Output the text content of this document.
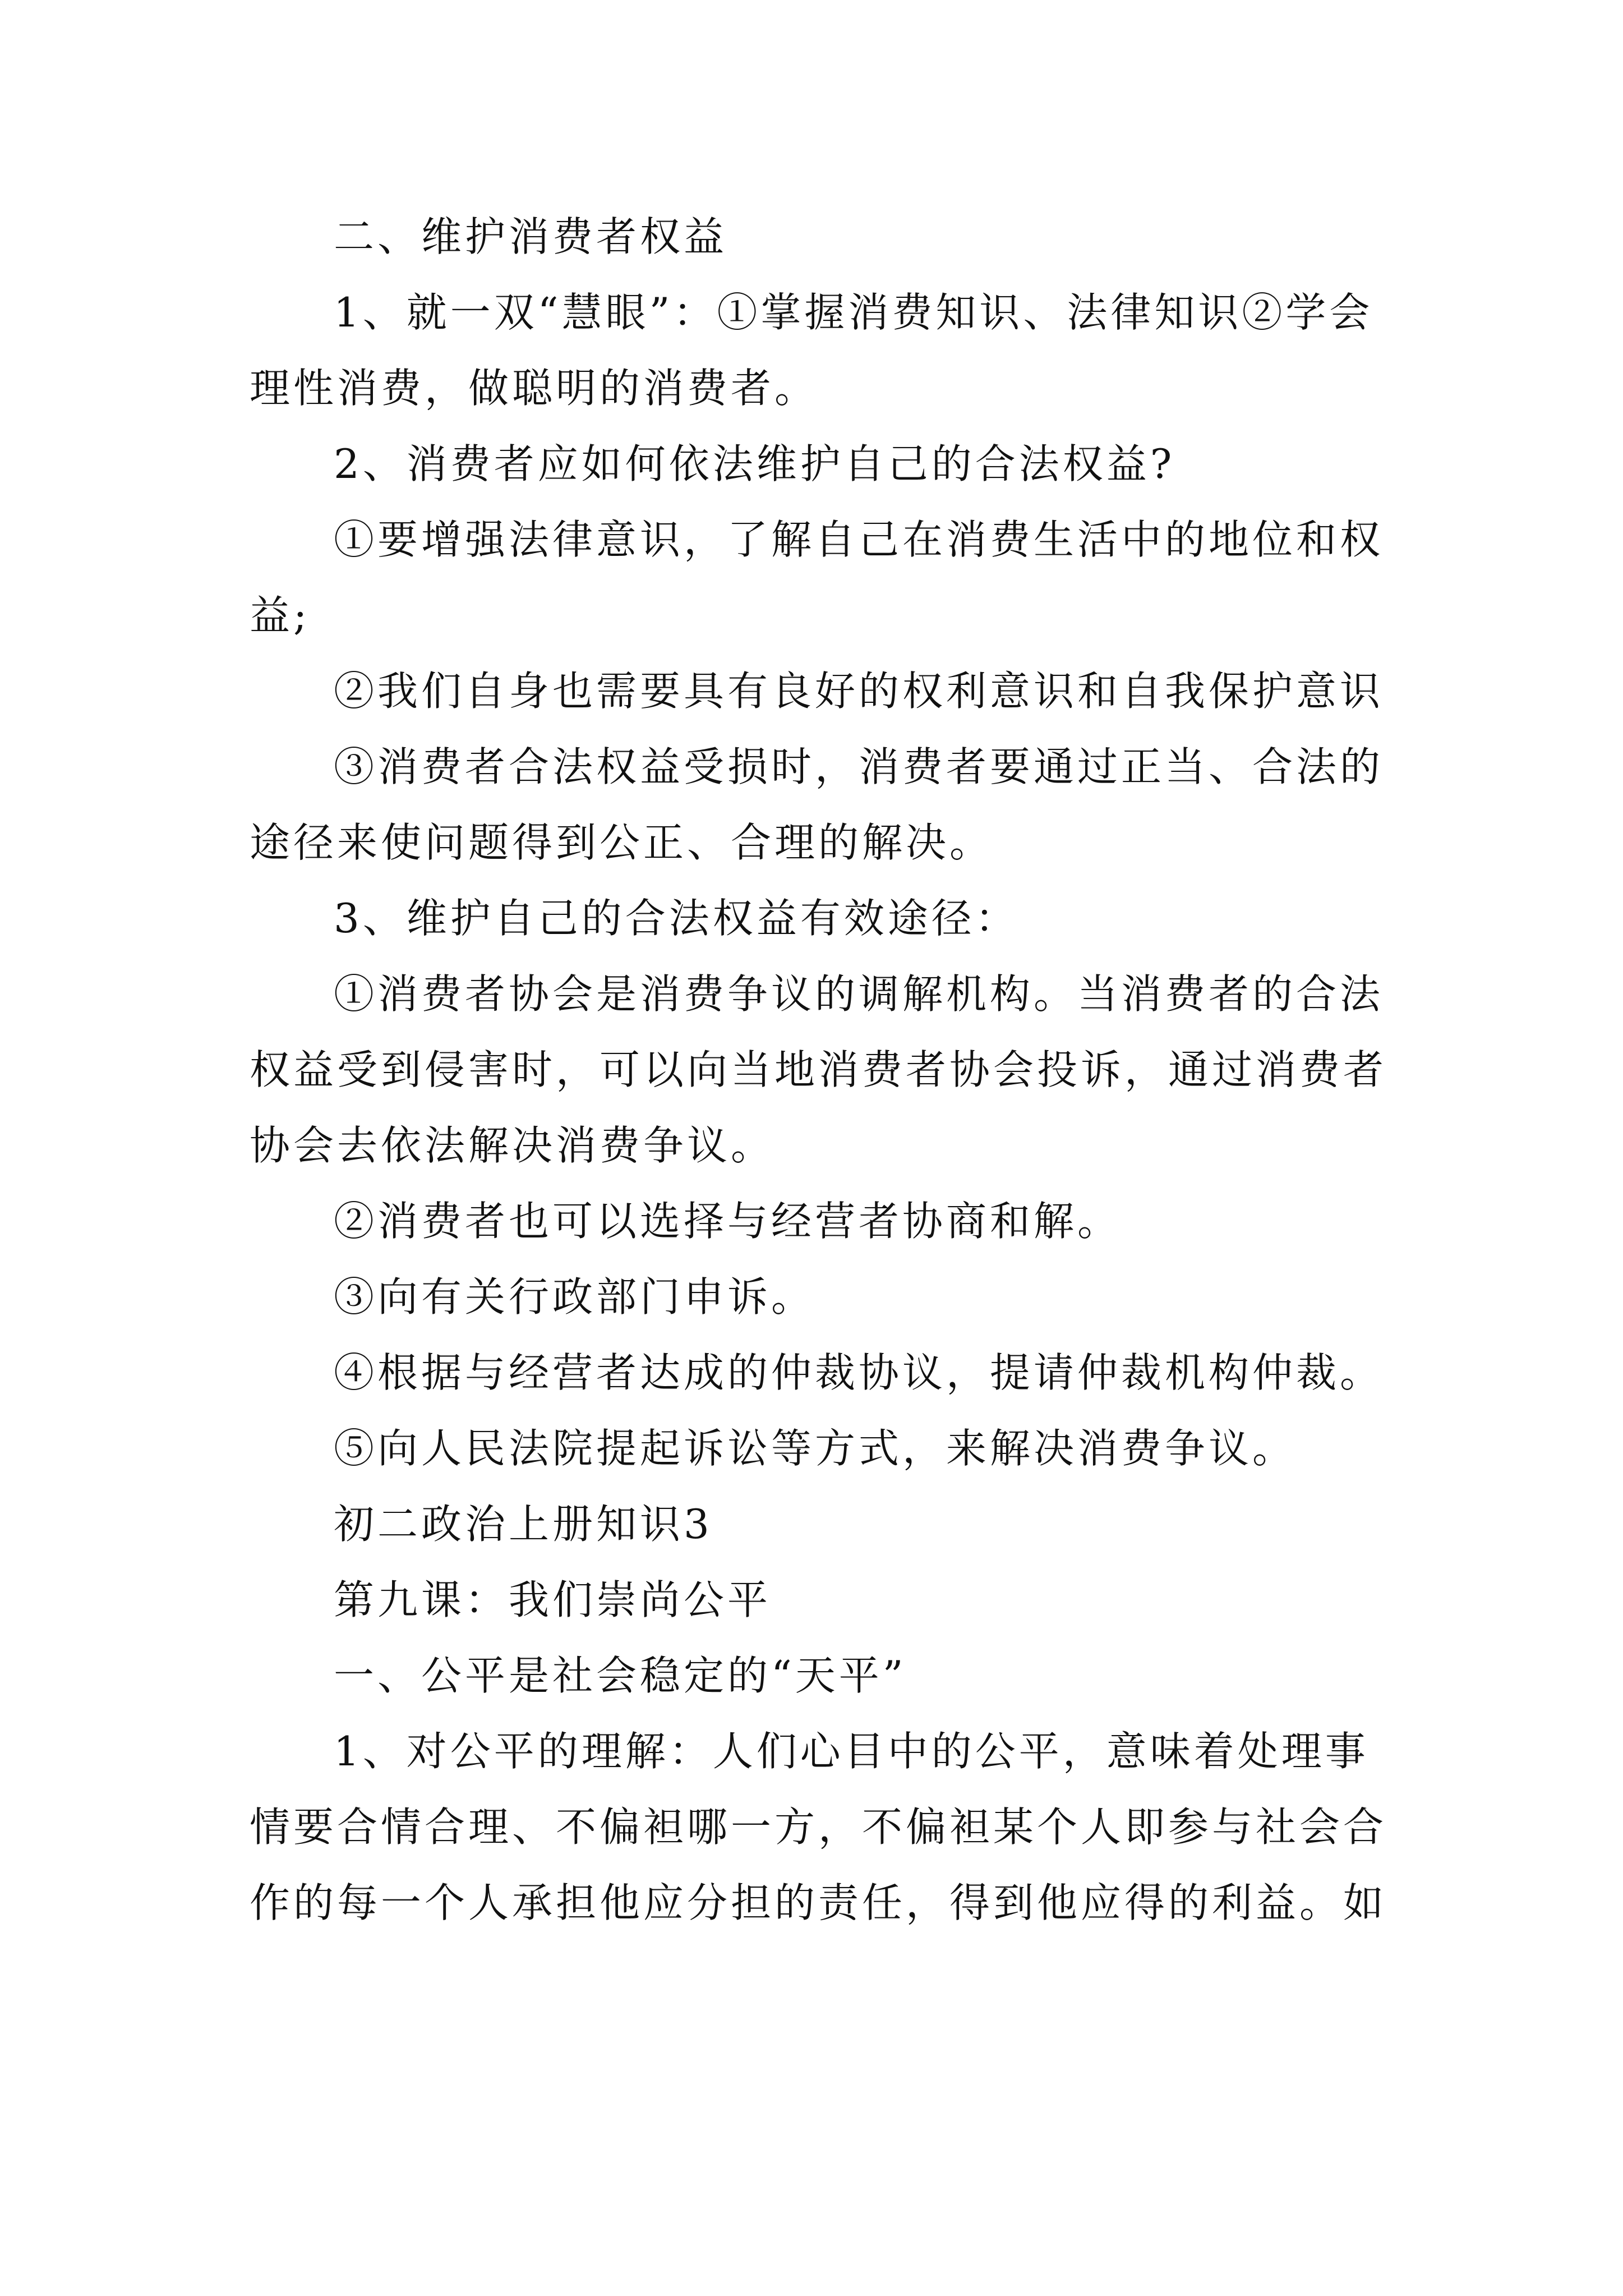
二、维护消费者权益

1、就一双“慧眼”：①掌握消费知识、法律知识②学会理性消费，做聪明的消费者。

2、消费者应如何依法维护自己的合法权益?

①要增强法律意识，了解自己在消费生活中的地位和权益;

②我们自身也需要具有良好的权利意识和自我保护意识

③消费者合法权益受损时，消费者要通过正当、合法的途径来使问题得到公正、合理的解决。

3、维护自己的合法权益有效途径：

①消费者协会是消费争议的调解机构。当消费者的合法权益受到侵害时，可以向当地消费者协会投诉，通过消费者协会去依法解决消费争议。

②消费者也可以选择与经营者协商和解。

③向有关行政部门申诉。

④根据与经营者达成的仲裁协议，提请仲裁机构仲裁。

⑤向人民法院提起诉讼等方式，来解决消费争议。

初二政治上册知识3

第九课：我们崇尚公平

一、公平是社会稳定的“天平”

1、对公平的理解：人们心目中的公平，意味着处理事情要合情合理、不偏袒哪一方，不偏袒某个人即参与社会合作的每一个人承担他应分担的责任，得到他应得的利益。如
